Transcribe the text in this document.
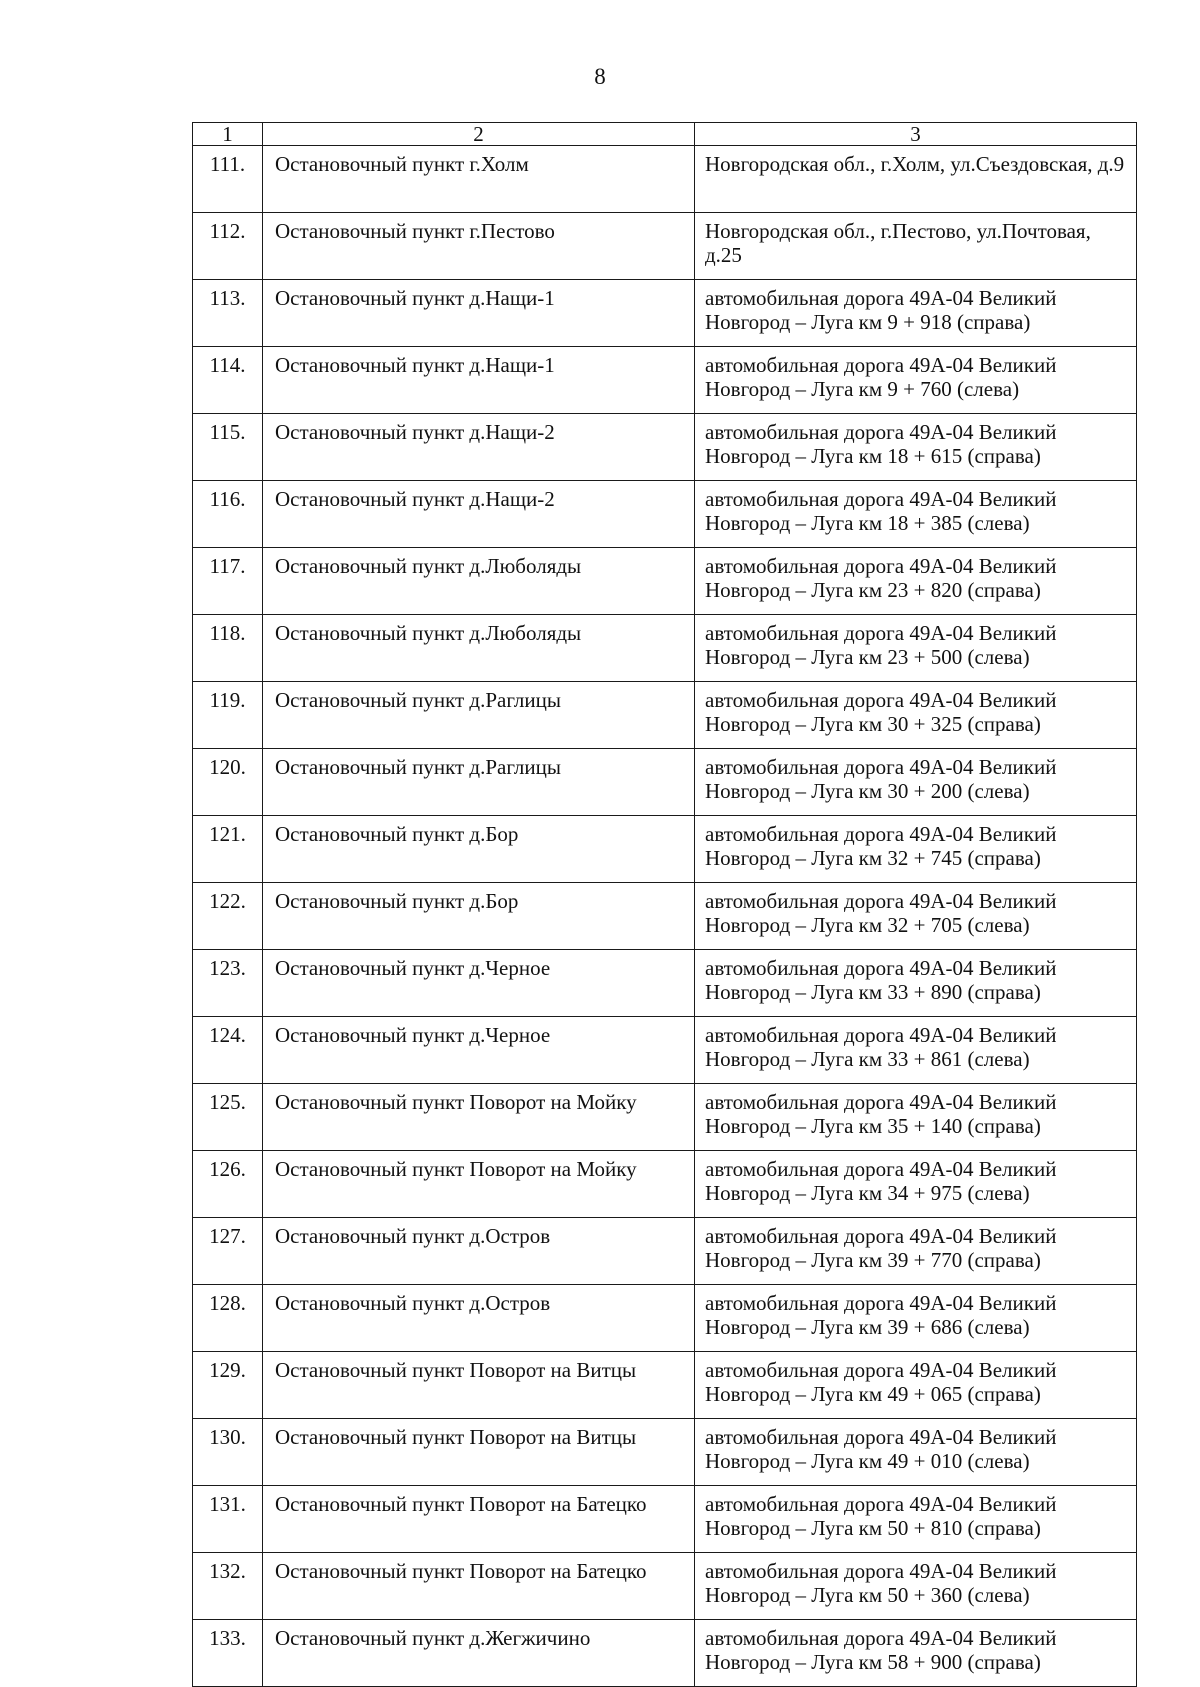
8
1	2	3
111.	Остановочный пункт г.Холм	Новгородская обл., г.Холм, ул.Съездовская, д.9
112.	Остановочный пункт г.Пестово	Новгородская обл., г.Пестово, ул.Почтовая, д.25
113.	Остановочный пункт д.Нащи-1	автомобильная дорога 49А-04 Великий Новгород – Луга км 9 + 918 (справа)
114.	Остановочный пункт д.Нащи-1	автомобильная дорога 49А-04 Великий Новгород – Луга км 9 + 760 (слева)
115.	Остановочный пункт д.Нащи-2	автомобильная дорога 49А-04 Великий Новгород – Луга км 18 + 615 (справа)
116.	Остановочный пункт д.Нащи-2	автомобильная дорога 49А-04 Великий Новгород – Луга км 18 + 385 (слева)
117.	Остановочный пункт д.Люболяды	автомобильная дорога 49А-04 Великий Новгород – Луга км 23 + 820 (справа)
118.	Остановочный пункт д.Люболяды	автомобильная дорога 49А-04 Великий Новгород – Луга км 23 + 500 (слева)
119.	Остановочный пункт д.Раглицы	автомобильная дорога 49А-04 Великий Новгород – Луга км 30 + 325 (справа)
120.	Остановочный пункт д.Раглицы	автомобильная дорога 49А-04 Великий Новгород – Луга км 30 + 200 (слева)
121.	Остановочный пункт д.Бор	автомобильная дорога 49А-04 Великий Новгород – Луга км 32 + 745 (справа)
122.	Остановочный пункт д.Бор	автомобильная дорога 49А-04 Великий Новгород – Луга км 32 + 705 (слева)
123.	Остановочный пункт д.Черное	автомобильная дорога 49А-04 Великий Новгород – Луга км 33 + 890 (справа)
124.	Остановочный пункт д.Черное	автомобильная дорога 49А-04 Великий Новгород – Луга км 33 + 861 (слева)
125.	Остановочный пункт Поворот на Мойку	автомобильная дорога 49А-04 Великий Новгород – Луга км 35 + 140 (справа)
126.	Остановочный пункт Поворот на Мойку	автомобильная дорога 49А-04 Великий Новгород – Луга км 34 + 975 (слева)
127.	Остановочный пункт д.Остров	автомобильная дорога 49А-04 Великий Новгород – Луга км 39 + 770 (справа)
128.	Остановочный пункт д.Остров	автомобильная дорога 49А-04 Великий Новгород – Луга км 39 + 686 (слева)
129.	Остановочный пункт Поворот на Витцы	автомобильная дорога 49А-04 Великий Новгород – Луга км 49 + 065 (справа)
130.	Остановочный пункт Поворот на Витцы	автомобильная дорога 49А-04 Великий Новгород – Луга км 49 + 010 (слева)
131.	Остановочный пункт Поворот на Батецко	автомобильная дорога 49А-04 Великий Новгород – Луга км 50 + 810 (справа)
132.	Остановочный пункт Поворот на Батецко	автомобильная дорога 49А-04 Великий Новгород – Луга км 50 + 360 (слева)
133.	Остановочный пункт д.Жегжичино	автомобильная дорога 49А-04 Великий Новгород – Луга км 58 + 900 (справа)
